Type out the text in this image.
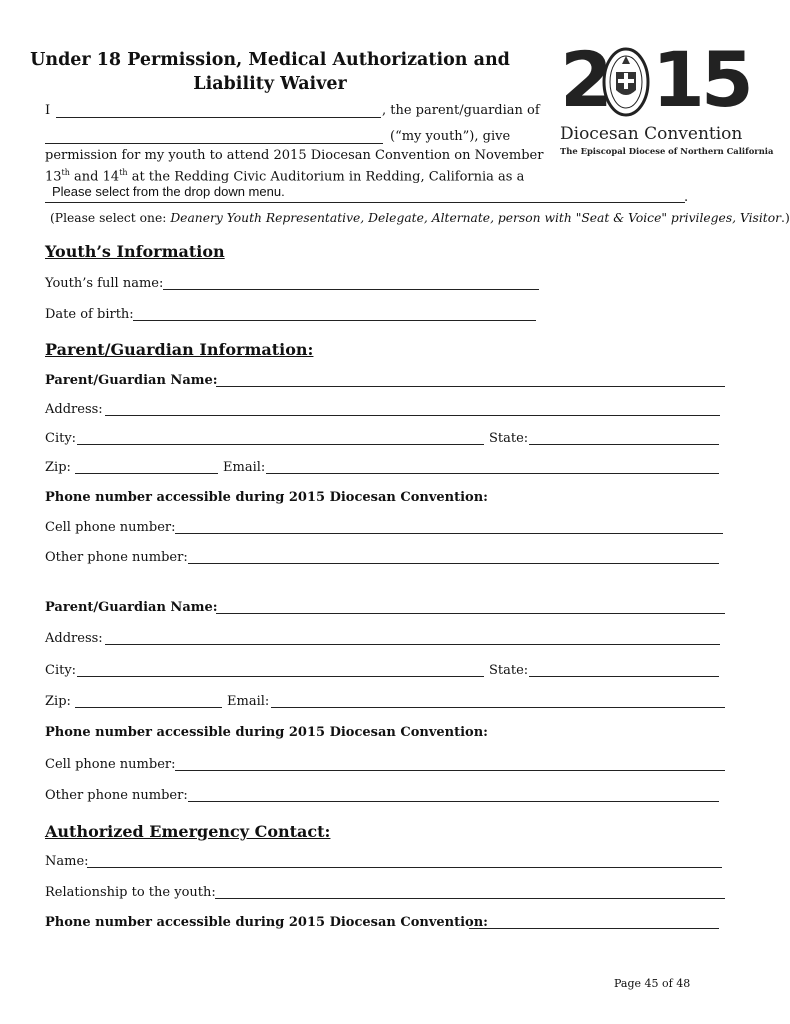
Under 18 Permission, Medical Authorization and
Liability Waiver	2 15
Diocesan Convention
The Episcopal Diocese of Northern California
I	, the parent/guardian of
(“my youth”), give
permission for my youth to attend 2015 Diocesan Convention on November
13th and 14th at the Redding Civic Auditorium in Redding, California as a
Please select from the drop down menu.	.
(Please select one: Deanery Youth Representative, Delegate, Alternate, person with "Seat & Voice" privileges, Visitor.)
Youth’s Information
Youth’s full name:
Date of birth:
Parent/Guardian Information:
Parent/Guardian Name:
Address:
City:	State:
Zip:	Email:
Phone number accessible during 2015 Diocesan Convention:
Cell phone number:
Other phone number:
Parent/Guardian Name:
Address:
City:	State:
Zip:	Email:
Phone number accessible during 2015 Diocesan Convention:
Cell phone number:
Other phone number:
Authorized Emergency Contact:
Name:
Relationship to the youth:
Phone number accessible during 2015 Diocesan Convention:
Page 45 of 48
